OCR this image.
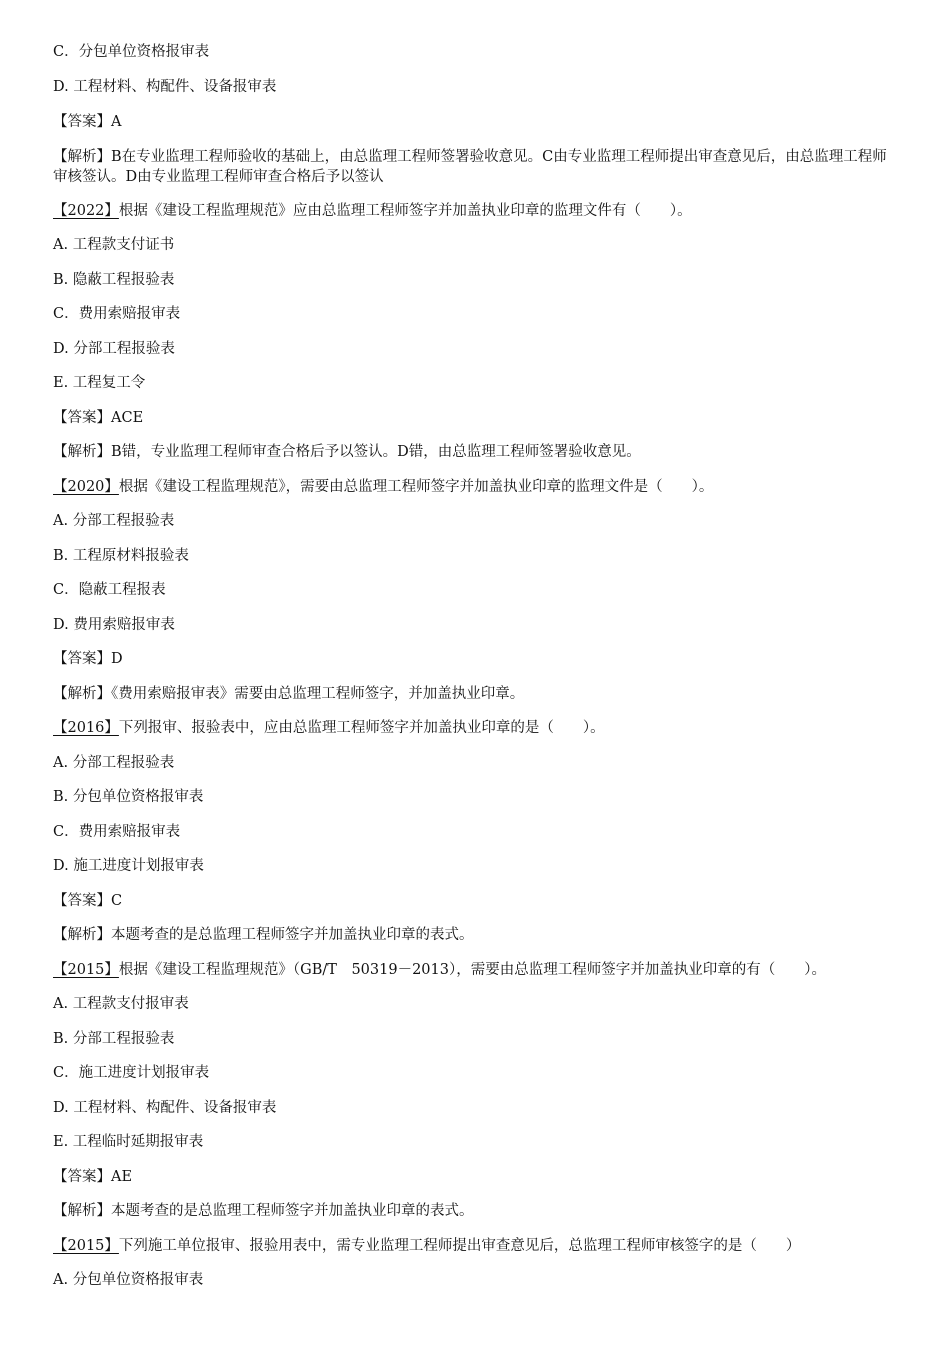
C．分包单位资格报审表
D. 工程材料、构配件、设备报审表
【答案】A
【解析】B在专业监理工程师验收的基础上，由总监理工程师签署验收意见。C由专业监理工程师提出审查意见后，由总监理工程师审核签认。D由专业监理工程师审查合格后予以签认
【2022】根据《建设工程监理规范》应由总监理工程师签字并加盖执业印章的监理文件有（　　）。
A. 工程款支付证书
B. 隐蔽工程报验表
C．费用索赔报审表
D. 分部工程报验表
E. 工程复工令
【答案】ACE
【解析】B错，专业监理工程师审查合格后予以签认。D错，由总监理工程师签署验收意见。
【2020】根据《建设工程监理规范》，需要由总监理工程师签字并加盖执业印章的监理文件是（　　）。
A. 分部工程报验表
B. 工程原材料报验表
C．隐蔽工程报表
D. 费用索赔报审表
【答案】D
【解析】《费用索赔报审表》需要由总监理工程师签字，并加盖执业印章。
【2016】下列报审、报验表中，应由总监理工程师签字并加盖执业印章的是（　　）。
A. 分部工程报验表
B. 分包单位资格报审表
C．费用索赔报审表
D. 施工进度计划报审表
【答案】C
【解析】本题考查的是总监理工程师签字并加盖执业印章的表式。
【2015】根据《建设工程监理规范》（GB/T　50319－2013），需要由总监理工程师签字并加盖执业印章的有（　　）。
A. 工程款支付报审表
B. 分部工程报验表
C．施工进度计划报审表
D. 工程材料、构配件、设备报审表
E. 工程临时延期报审表
【答案】AE
【解析】本题考查的是总监理工程师签字并加盖执业印章的表式。
【2015】下列施工单位报审、报验用表中，需专业监理工程师提出审查意见后，总监理工程师审核签字的是（　　）
A. 分包单位资格报审表
